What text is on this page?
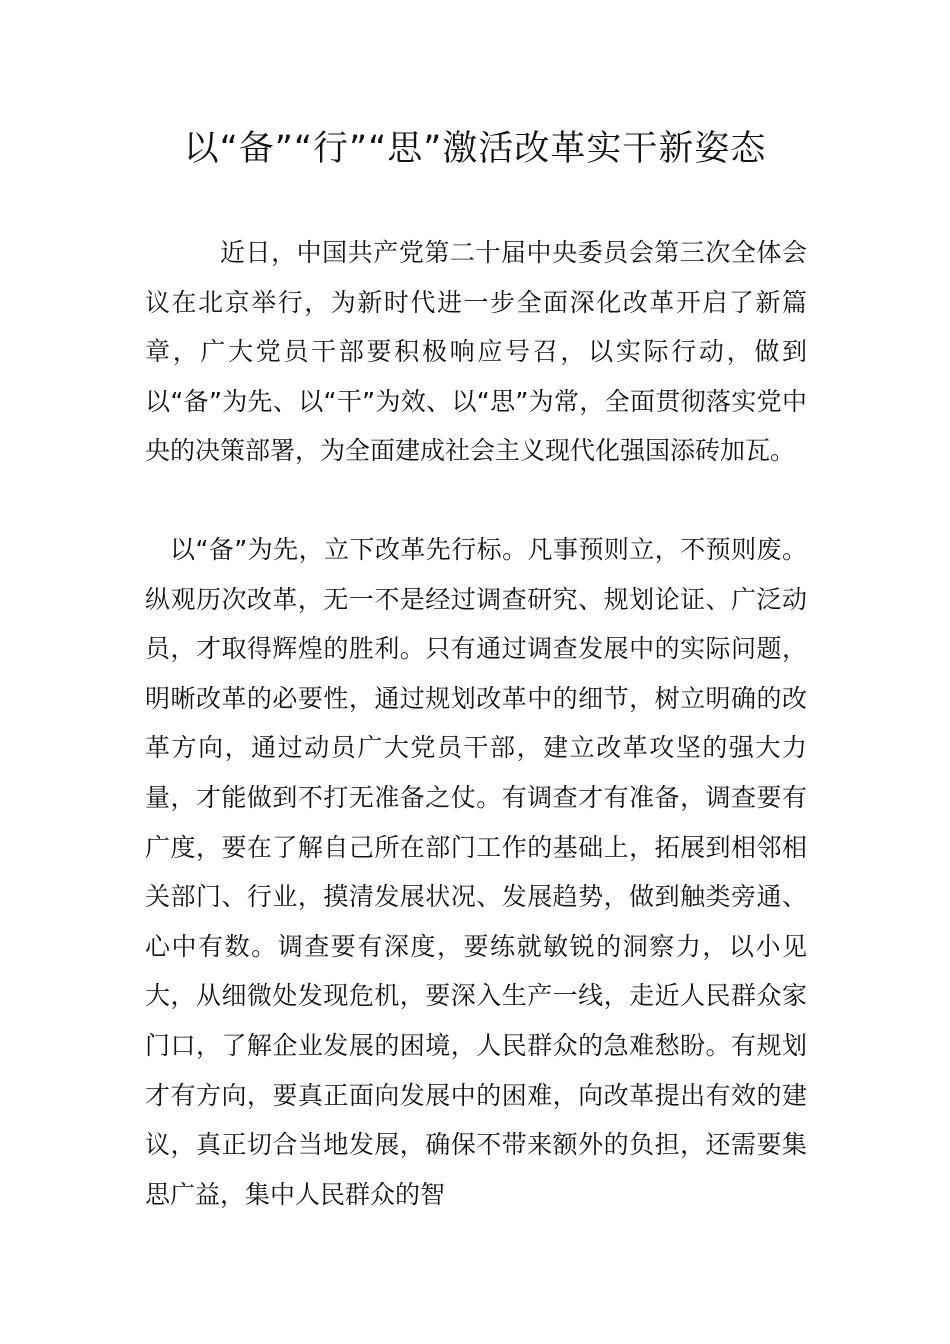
以“备”“行”“思”激活改革实干新姿态

近日，中国共产党第二十届中央委员会第三次全体会议在北京举行，为新时代进一步全面深化改革开启了新篇章，广大党员干部要积极响应号召，以实际行动，做到以“备”为先、以“干”为效、以“思”为常，全面贯彻落实党中央的决策部署，为全面建成社会主义现代化强国添砖加瓦。

以“备”为先，立下改革先行标。凡事预则立，不预则废。纵观历次改革，无一不是经过调查研究、规划论证、广泛动员，才取得辉煌的胜利。只有通过调查发展中的实际问题，明晰改革的必要性，通过规划改革中的细节，树立明确的改革方向，通过动员广大党员干部，建立改革攻坚的强大力量，才能做到不打无准备之仗。有调查才有准备，调查要有广度，要在了解自己所在部门工作的基础上，拓展到相邻相关部门、行业，摸清发展状况、发展趋势，做到触类旁通、心中有数。调查要有深度，要练就敏锐的洞察力，以小见大，从细微处发现危机，要深入生产一线，走近人民群众家门口，了解企业发展的困境，人民群众的急难愁盼。有规划才有方向，要真正面向发展中的困难，向改革提出有效的建议，真正切合当地发展，确保不带来额外的负担，还需要集思广益，集中人民群众的智
